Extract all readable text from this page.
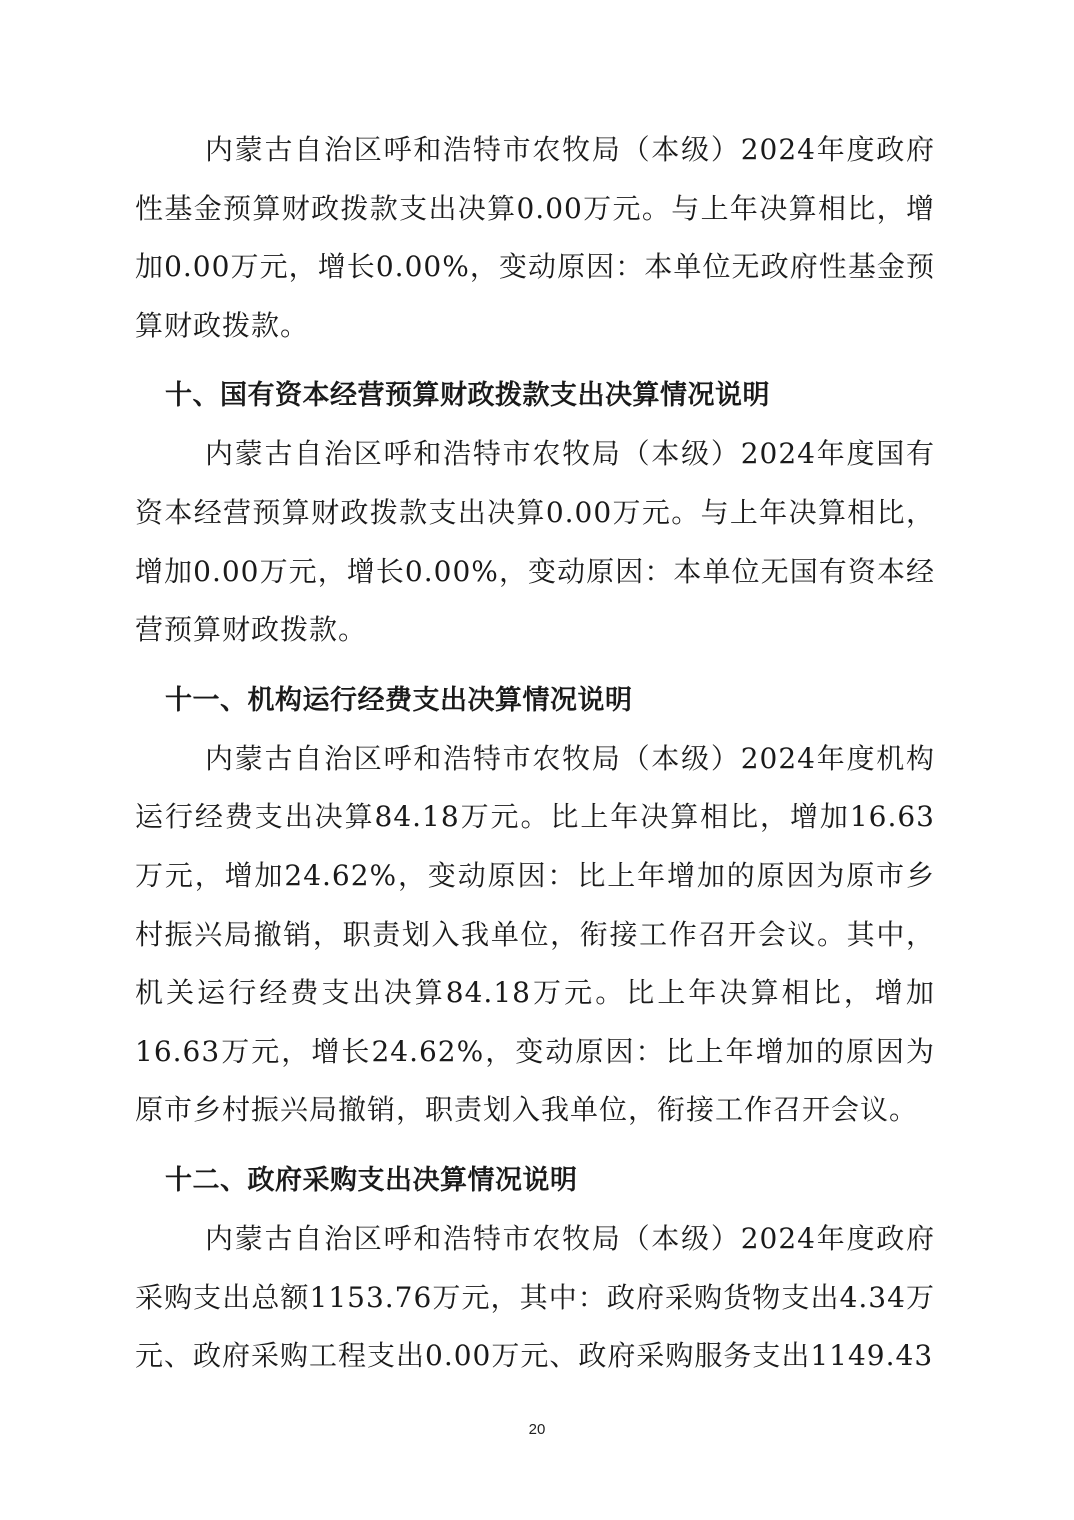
内蒙古自治区呼和浩特市农牧局（本级）2024年度政府性基金预算财政拨款支出决算0.00万元。与上年决算相比，增加0.00万元，增长0.00%，变动原因：本单位无政府性基金预算财政拨款。

十、国有资本经营预算财政拨款支出决算情况说明

内蒙古自治区呼和浩特市农牧局（本级）2024年度国有资本经营预算财政拨款支出决算0.00万元。与上年决算相比，增加0.00万元，增长0.00%，变动原因：本单位无国有资本经营预算财政拨款。

十一、机构运行经费支出决算情况说明

内蒙古自治区呼和浩特市农牧局（本级）2024年度机构运行经费支出决算84.18万元。比上年决算相比，增加16.63万元，增加24.62%，变动原因：比上年增加的原因为原市乡村振兴局撤销，职责划入我单位，衔接工作召开会议。其中，机关运行经费支出决算84.18万元。比上年决算相比，增加16.63万元，增长24.62%，变动原因：比上年增加的原因为原市乡村振兴局撤销，职责划入我单位，衔接工作召开会议。

十二、政府采购支出决算情况说明

内蒙古自治区呼和浩特市农牧局（本级）2024年度政府采购支出总额1153.76万元，其中：政府采购货物支出4.34万元、政府采购工程支出0.00万元、政府采购服务支出1149.43

20
